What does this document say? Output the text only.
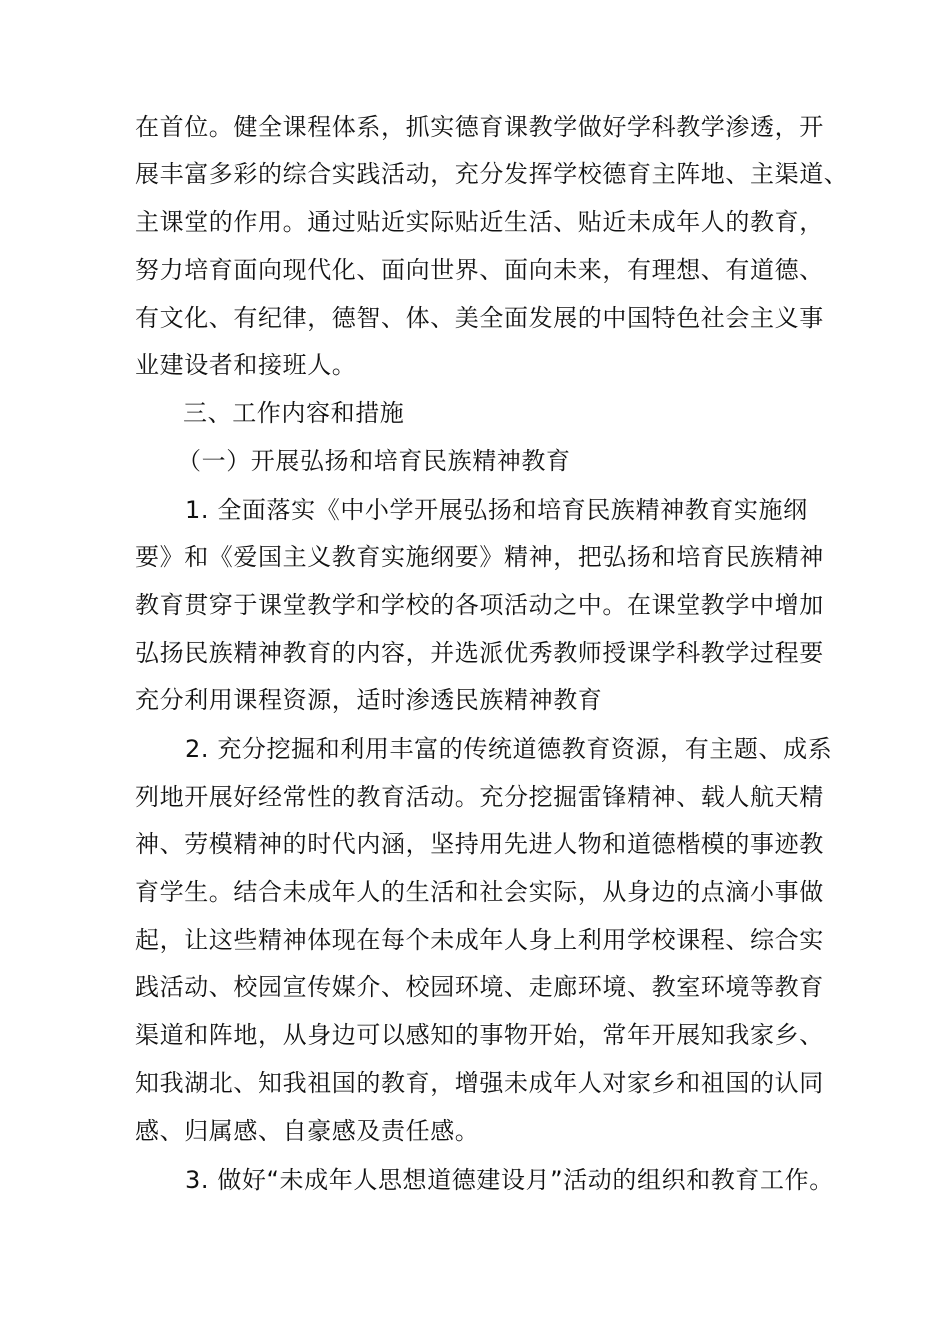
在首位。健全课程体系，抓实德育课教学做好学科教学渗透，开
展丰富多彩的综合实践活动，充分发挥学校德育主阵地、主渠道、
主课堂的作用。通过贴近实际贴近生活、贴近未成年人的教育，
努力培育面向现代化、面向世界、面向未来，有理想、有道德、
有文化、有纪律，德智、体、美全面发展的中国特色社会主义事
业建设者和接班人。
三、工作内容和措施
（一）开展弘扬和培育民族精神教育
1. 全面落实《中小学开展弘扬和培育民族精神教育实施纲
要》和《爱国主义教育实施纲要》精神，把弘扬和培育民族精神
教育贯穿于课堂教学和学校的各项活动之中。在课堂教学中增加
弘扬民族精神教育的内容，并选派优秀教师授课学科教学过程要
充分利用课程资源，适时渗透民族精神教育
2. 充分挖掘和利用丰富的传统道德教育资源，有主题、成系
列地开展好经常性的教育活动。充分挖掘雷锋精神、载人航天精
神、劳模精神的时代内涵，坚持用先进人物和道德楷模的事迹教
育学生。结合未成年人的生活和社会实际，从身边的点滴小事做
起，让这些精神体现在每个未成年人身上利用学校课程、综合实
践活动、校园宣传媒介、校园环境、走廊环境、教室环境等教育
渠道和阵地，从身边可以感知的事物开始，常年开展知我家乡、
知我湖北、知我祖国的教育，增强未成年人对家乡和祖国的认同
感、归属感、自豪感及责任感。
3. 做好“未成年人思想道德建设月”活动的组织和教育工作。
